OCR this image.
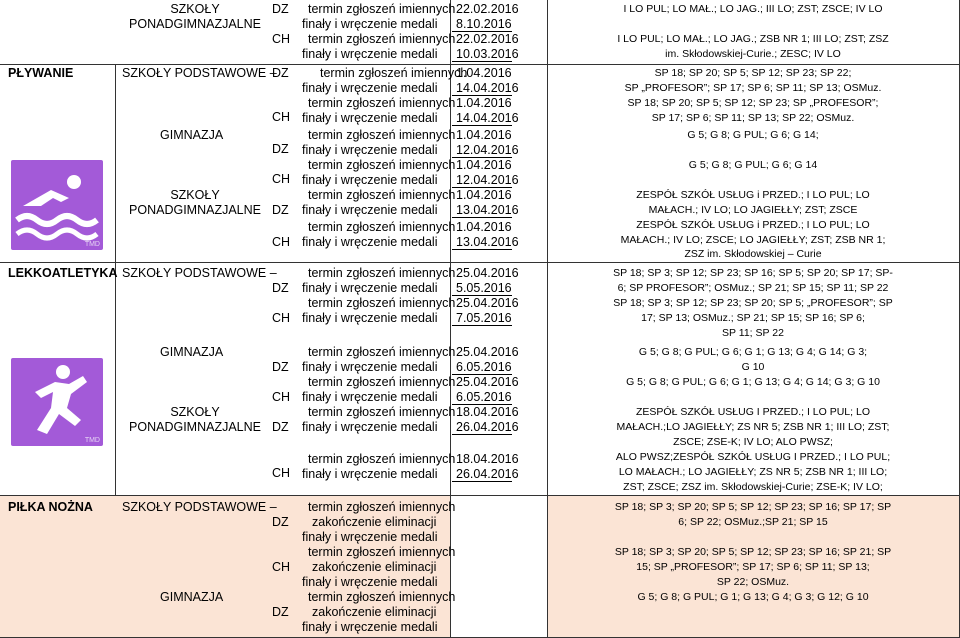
PŁYWANIE
LEKKOATLETYKA
PIŁKA NOŻNA
TMD
TMD
SZKOŁY
PONADGIMNAZJALNE
DZ
CH
termin zgłoszeń imiennych
finały i wręczenie medali
22.02.2016
8.10.2016
I LO PUL; LO MAŁ.; LO JAG.; III LO; ZST; ZSCE; IV LO
termin zgłoszeń imiennych
finały i wręczenie medali
22.02.2016
10.03.2016
I LO PUL; LO MAŁ.; LO JAG.; ZSB NR 1; III LO; ZST; ZSZ
im. Skłodowskiej-Curie.; ZESC; IV LO
SZKOŁY PODSTAWOWE –
DZ
CH
GIMNAZJA
DZ
CH
SZKOŁY
PONADGIMNAZJALNE DZ
CH
termin zgłoszeń imiennych
finały i wręczenie medali
1.04.2016
14.04.2016
SP 18; SP 20; SP 5; SP 12; SP 23; SP 22;
SP „PROFESOR”; SP 17; SP 6; SP 11; SP 13; OSMuz.
termin zgłoszeń imiennych
finały i wręczenie medali
1.04.2016
14.04.2016
SP 18; SP 20; SP 5; SP 12; SP 23; SP „PROFESOR”;
SP 17; SP 6; SP 11; SP 13; SP 22; OSMuz.
termin zgłoszeń imiennych
finały i wręczenie medali
1.04.2016
12.04.2016
G 5; G 8; G PUL; G 6; G 14;
termin zgłoszeń imiennych
finały i wręczenie medali
1.04.2016
12.04.2016
G 5; G 8; G PUL; G 6; G 14
termin zgłoszeń imiennych
finały i wręczenie medali
1.04.2016
13.04.2016
ZESPÓŁ SZKÓŁ USŁUG i PRZED.; I LO PUL; LO
MAŁACH.; IV LO; LO JAGIEŁŁY; ZST; ZSCE
termin zgłoszeń imiennych
finały i wręczenie medali
1.04.2016
13.04.2016
ZESPÓŁ SZKÓŁ USŁUG i PRZED.; I LO PUL; LO
MAŁACH.; IV LO; ZSCE; LO JAGIEŁŁY; ZST; ZSB NR 1;
ZSZ im. Skłodowskiej – Curie
SZKOŁY PODSTAWOWE –
DZ
CH
GIMNAZJA
DZ
CH
SZKOŁY
PONADGIMNAZJALNE DZ
CH
termin zgłoszeń imiennych
finały i wręczenie medali
25.04.2016
5.05.2016
SP 18; SP 3; SP 12; SP 23; SP 16; SP 5; SP 20; SP 17; SP-
6; SP PROFESOR”; OSMuz.; SP 21; SP 15; SP 11; SP 22
termin zgłoszeń imiennych
finały i wręczenie medali
25.04.2016
7.05.2016
SP 18; SP 3; SP 12; SP 23; SP 20; SP 5; „PROFESOR”; SP
17; SP 13; OSMuz.; SP 21; SP 15; SP 16; SP 6;
SP 11; SP 22
termin zgłoszeń imiennych
finały i wręczenie medali
25.04.2016
6.05.2016
G 5; G 8; G PUL; G 6; G 1; G 13; G 4; G 14; G 3;
G 10
termin zgłoszeń imiennych
finały i wręczenie medali
25.04.2016
6.05.2016
G 5; G 8; G PUL; G 6; G 1; G 13; G 4; G 14; G 3; G 10
termin zgłoszeń imiennych
finały i wręczenie medali
18.04.2016
26.04.2016
ZESPÓŁ SZKÓŁ USŁUG I PRZED.; I LO PUL; LO
MAŁACH.;LO JAGIEŁŁY; ZS NR 5; ZSB NR 1; III LO; ZST;
ZSCE; ZSE-K; IV LO; ALO PWSZ;
termin zgłoszeń imiennych
finały i wręczenie medali
18.04.2016
26.04.2016
ALO PWSZ;ZESPÓŁ SZKÓŁ USŁUG I PRZED.; I LO PUL;
LO MAŁACH.; LO JAGIEŁŁY; ZS NR 5; ZSB NR 1; III LO;
ZST; ZSCE; ZSZ im. Skłodowskiej-Curie; ZSE-K; IV LO;
SZKOŁY PODSTAWOWE –
DZ
CH
GIMNAZJA
DZ
termin zgłoszeń imiennych
zakończenie eliminacji
finały i wręczenie medali
SP 18; SP 3; SP 20; SP 5; SP 12; SP 23; SP 16; SP 17; SP
6; SP 22; OSMuz.;SP 21; SP 15
termin zgłoszeń imiennych
zakończenie eliminacji
finały i wręczenie medali
SP 18; SP 3; SP 20; SP 5; SP 12; SP 23; SP 16; SP 21; SP
15; SP „PROFESOR”; SP 17; SP 6; SP 11; SP 13;
SP 22; OSMuz.
termin zgłoszeń imiennych
zakończenie eliminacji
finały i wręczenie medali
G 5; G 8; G PUL; G 1; G 13; G 4; G 3; G 12; G 10
